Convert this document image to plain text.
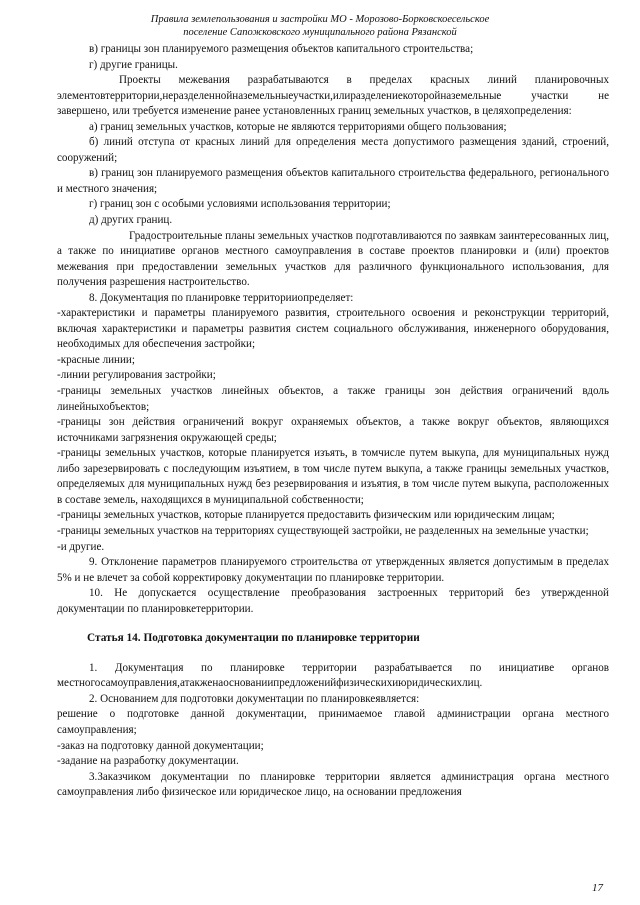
Правила землепользования и застройки МО - Морозово-Борковскоесельское
поселение Сапожковского муниципального района Рязанской

в) границы зон планируемого размещения объектов капитального строительства;

г) другие границы.

Проекты межевания разрабатываются в пределах красных линий планировочных элементовтерритории,неразделеннойназемельныеучастки,илиразделениекоторойназемельные участки не завершено, или требуется изменение ранее установленных границ земельных участков, в целяхопределения:

а) границ земельных участков, которые не являются территориями общего пользования;

б) линий отступа от красных линий для определения места допустимого размещения зданий, строений, сооружений;

в) границ зон планируемого размещения объектов капитального строительства федерального, регионального и местного значения;

г) границ зон с особыми условиями использования территории;

д) других границ.

Градостроительные планы земельных участков подготавливаются по заявкам заинтересованных лиц, а также по инициативе органов местного самоуправления в составе проектов планировки и (или) проектов межевания при предоставлении земельных участков для различного функционального использования, для получения разрешения настроительство.

8. Документация по планировке территорииопределяет:

-характеристики и параметры планируемого развития, строительного освоения и реконструкции территорий, включая характеристики и параметры развития систем социального обслуживания, инженерного оборудования, необходимых для обеспечения застройки;

-красные линии;

-линии регулирования застройки;

-границы земельных участков линейных объектов, а также границы зон действия ограничений вдоль линейныхобъектов;

-границы зон действия ограничений вокруг охраняемых объектов, а также вокруг объектов, являющихся источниками загрязнения окружающей среды;

-границы земельных участков, которые планируется изъять, в томчисле путем выкупа, для муниципальных нужд либо зарезервировать с последующим изъятием, в том числе путем выкупа, а также границы земельных участков, определяемых для муниципальных нужд без резервирования и изъятия, в том числе путем выкупа, расположенных в составе земель, находящихся в муниципальной собственности;

-границы земельных участков, которые планируется предоставить физическим или юридическим лицам;

-границы земельных участков на территориях существующей застройки, не разделенных на земельные участки;

-и другие.

9. Отклонение параметров планируемого строительства от утвержденных является допустимым в пределах 5% и не влечет за собой корректировку документации по планировке территории.

10. Не допускается осуществление преобразования застроенных территорий без утвержденной документации по планировкетерритории.

Статья 14. Подготовка документации по планировке территории

1. Документация по планировке территории разрабатывается по инициативе органов местногосамоуправления,атакженаоснованиипредложенийфизическихиюридическихлиц.

2. Основанием для подготовки документации по планировкеявляется:

решение о подготовке данной документации, принимаемое главой администрации органа местного самоуправления;

-заказ на подготовку данной документации;

-задание на разработку документации.

3.Заказчиком документации по планировке территории является администрация органа местного самоуправления либо физическое или юридическое лицо, на основании предложения

17
